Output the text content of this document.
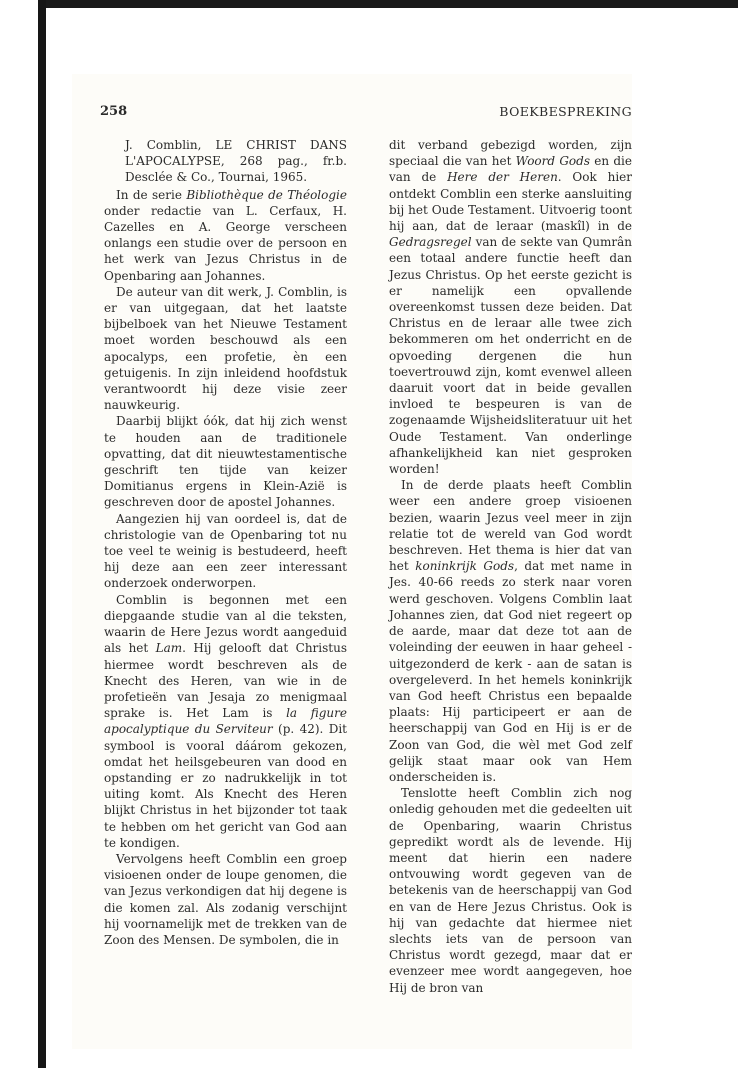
258	BOEKBESPREKING

J. Comblin, LE CHRIST DANS L'APOCALYPSE, 268 pag., fr.b. Desclée & Co., Tournai, 1965.

In de serie Bibliothèque de Théologie onder redactie van L. Cerfaux, H. Cazelles en A. George verscheen onlangs een studie over de persoon en het werk van Jezus Christus in de Openbaring aan Johannes.

De auteur van dit werk, J. Comblin, is er van uitgegaan, dat het laatste bijbelboek van het Nieuwe Testament moet worden beschouwd als een apocalyps, een profetie, èn een getuigenis. In zijn inleidend hoofdstuk verantwoordt hij deze visie zeer nauwkeurig.

Daarbij blijkt óók, dat hij zich wenst te houden aan de traditionele opvatting, dat dit nieuwtestamentische geschrift ten tijde van keizer Domitianus ergens in Klein-Azië is geschreven door de apostel Johannes.

Aangezien hij van oordeel is, dat de christologie van de Openbaring tot nu toe veel te weinig is bestudeerd, heeft hij deze aan een zeer interessant onderzoek onderworpen.

Comblin is begonnen met een diepgaande studie van al die teksten, waarin de Here Jezus wordt aangeduid als het Lam. Hij gelooft dat Christus hiermee wordt beschreven als de Knecht des Heren, van wie in de profetieën van Jesaja zo menigmaal sprake is. Het Lam is la figure apocalyptique du Serviteur (p. 42). Dit symbool is vooral dáárom gekozen, omdat het heilsgebeuren van dood en opstanding er zo nadrukkelijk in tot uiting komt. Als Knecht des Heren blijkt Christus in het bijzonder tot taak te hebben om het gericht van God aan te kondigen.

Vervolgens heeft Comblin een groep visioenen onder de loupe genomen, die van Jezus verkondigen dat hij degene is die komen zal. Als zodanig verschijnt hij voornamelijk met de trekken van de Zoon des Mensen. De symbolen, die in

dit verband gebezigd worden, zijn speciaal die van het Woord Gods en die van de Here der Heren. Ook hier ontdekt Comblin een sterke aansluiting bij het Oude Testament. Uitvoerig toont hij aan, dat de leraar (maskîl) in de Gedragsregel van de sekte van Qumrân een totaal andere functie heeft dan Jezus Christus. Op het eerste gezicht is er namelijk een opvallende overeenkomst tussen deze beiden. Dat Christus en de leraar alle twee zich bekommeren om het onderricht en de opvoeding dergenen die hun toevertrouwd zijn, komt evenwel alleen daaruit voort dat in beide gevallen invloed te bespeuren is van de zogenaamde Wijsheidsliteratuur uit het Oude Testament. Van onderlinge afhankelijkheid kan niet gesproken worden!

In de derde plaats heeft Comblin weer een andere groep visioenen bezien, waarin Jezus veel meer in zijn relatie tot de wereld van God wordt beschreven. Het thema is hier dat van het koninkrijk Gods, dat met name in Jes. 40-66 reeds zo sterk naar voren werd geschoven. Volgens Comblin laat Johannes zien, dat God niet regeert op de aarde, maar dat deze tot aan de voleinding der eeuwen in haar geheel - uitgezonderd de kerk - aan de satan is overgeleverd. In het hemels koninkrijk van God heeft Christus een bepaalde plaats: Hij participeert er aan de heerschappij van God en Hij is er de Zoon van God, die wèl met God zelf gelijk staat maar ook van Hem onderscheiden is.

Tenslotte heeft Comblin zich nog onledig gehouden met die gedeelten uit de Openbaring, waarin Christus gepredikt wordt als de levende. Hij meent dat hierin een nadere ontvouwing wordt gegeven van de betekenis van de heerschappij van God en van de Here Jezus Christus. Ook is hij van gedachte dat hiermee niet slechts iets van de persoon van Christus wordt gezegd, maar dat er evenzeer mee wordt aangegeven, hoe Hij de bron van
